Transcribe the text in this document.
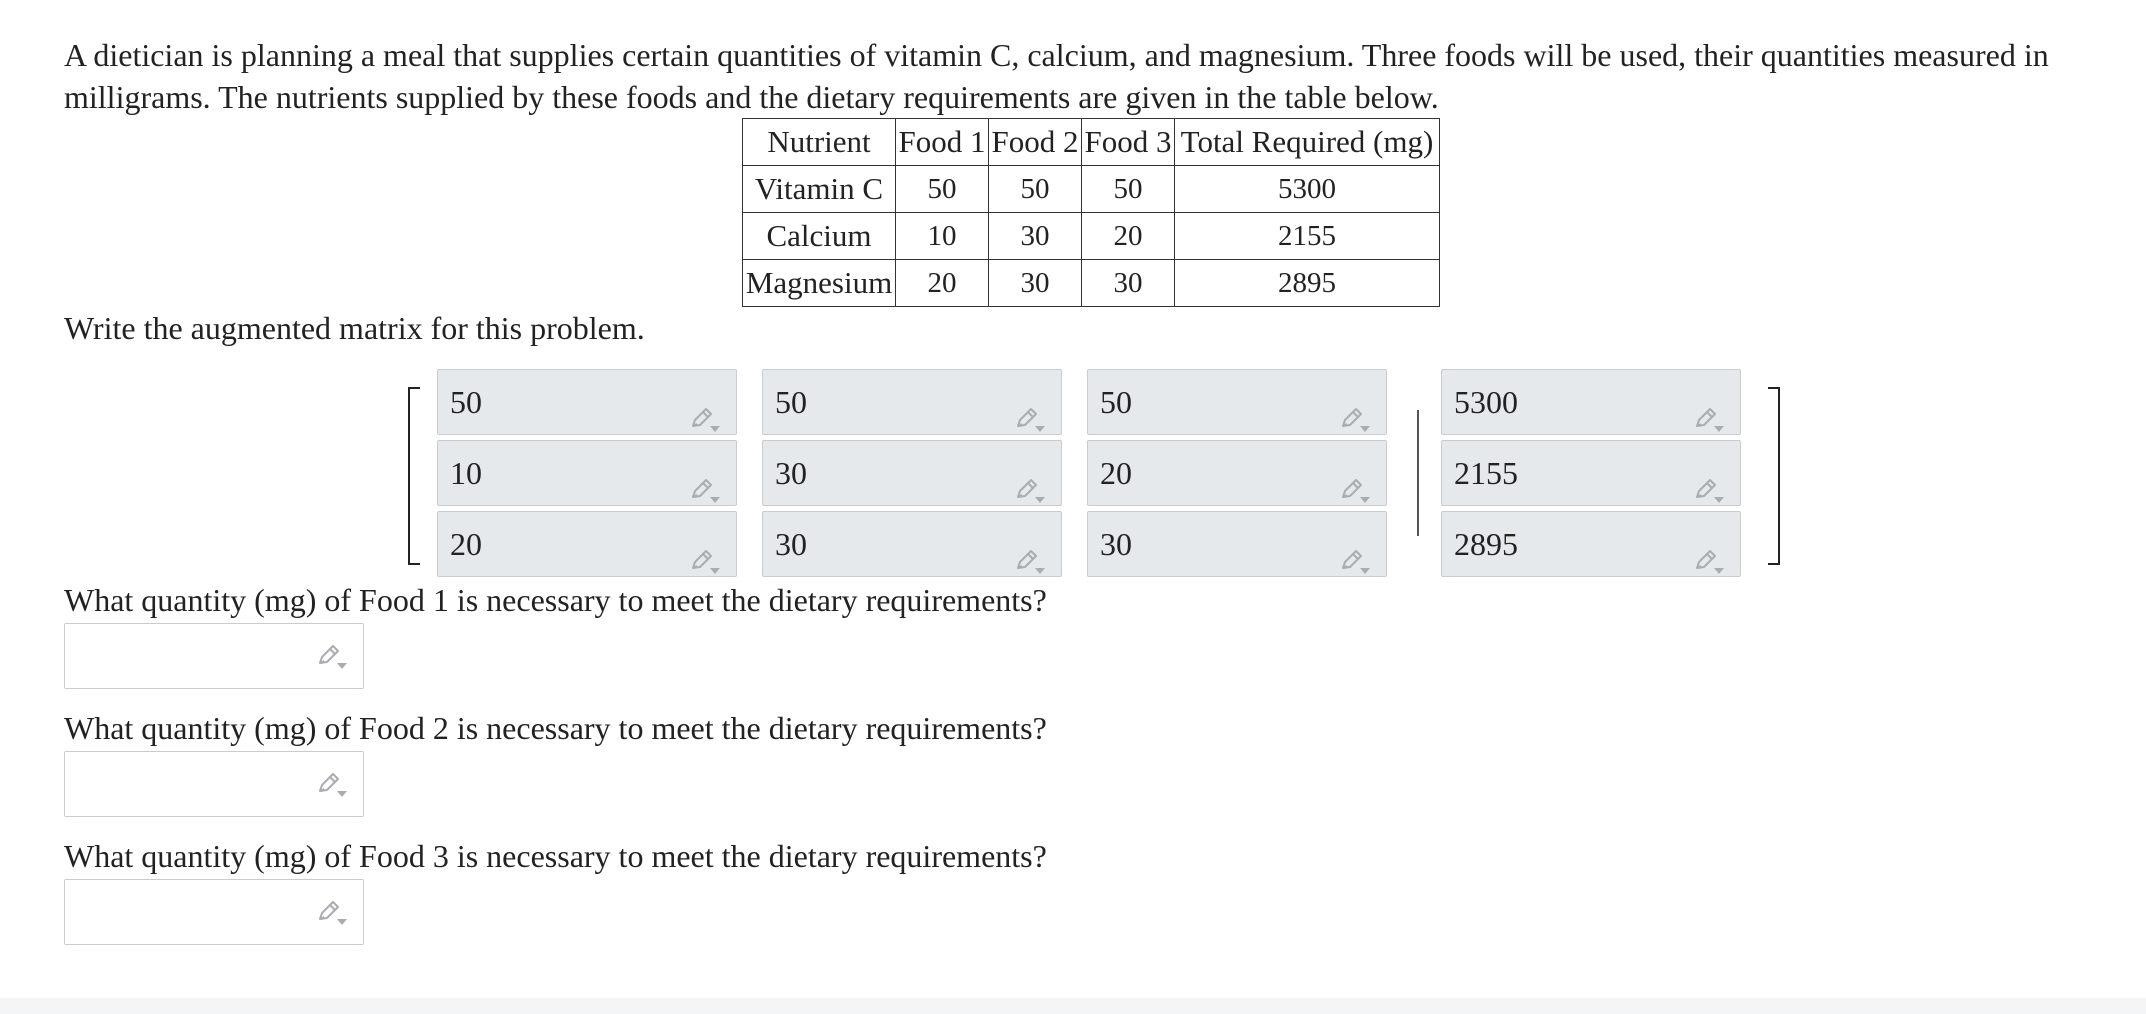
A dietician is planning a meal that supplies certain quantities of vitamin C, calcium, and magnesium. Three foods will be used, their quantities measured in
milligrams. The nutrients supplied by these foods and the dietary requirements are given in the table below.

Nutrient	Food 1	Food 2	Food 3	Total Required (mg)
Vitamin C	50	50	50	5300
Calcium	10	30	20	2155
Magnesium	20	30	30	2895
Write the augmented matrix for this problem.
50	50	50	5300
10	30	20	2155
20	30	30	2895
What quantity (mg) of Food 1 is necessary to meet the dietary requirements?
What quantity (mg) of Food 2 is necessary to meet the dietary requirements?
What quantity (mg) of Food 3 is necessary to meet the dietary requirements?
